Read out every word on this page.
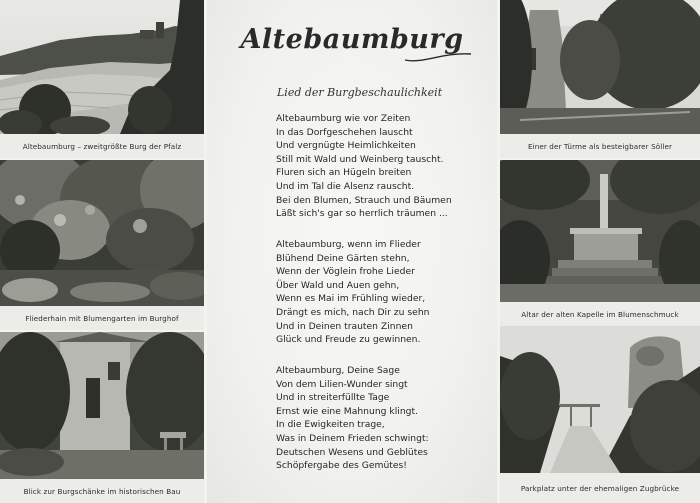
Altebaumburg – zweitgrößte Burg der Pfalz
Fliederhain mit Blumengarten im Burghof
Blick zur Burgschänke im historischen Bau
Altebaumburg
Lied der Burgbeschaulichkeit
Altebaumburg wie vor Zeiten
In das Dorfgeschehen lauscht
Und vergnügte Heimlichkeiten
Still mit Wald und Weinberg tauscht.
Fluren sich an Hügeln breiten
Und im Tal die Alsenz rauscht.
Bei den Blumen, Strauch und Bäumen
Läßt sich's gar so herrlich träumen ...
Altebaumburg, wenn im Flieder
Blühend Deine Gärten stehn,
Wenn der Vöglein frohe Lieder
Über Wald und Auen gehn,
Wenn es Mai im Frühling wieder,
Drängt es mich, nach Dir zu sehn
Und in Deinen trauten Zinnen
Glück und Freude zu gewinnen.
Altebaumburg, Deine Sage
Von dem Lilien-Wunder singt
Und in streiterfüllte Tage
Ernst wie eine Mahnung klingt.
In die Ewigkeiten trage,
Was in Deinem Frieden schwingt:
Deutschen Wesens und Geblütes
Schöpfergabe des Gemütes!
Einer der Türme als besteigbarer Söller
Altar der alten Kapelle im Blumenschmuck
Parkplatz unter der ehemaligen Zugbrücke
